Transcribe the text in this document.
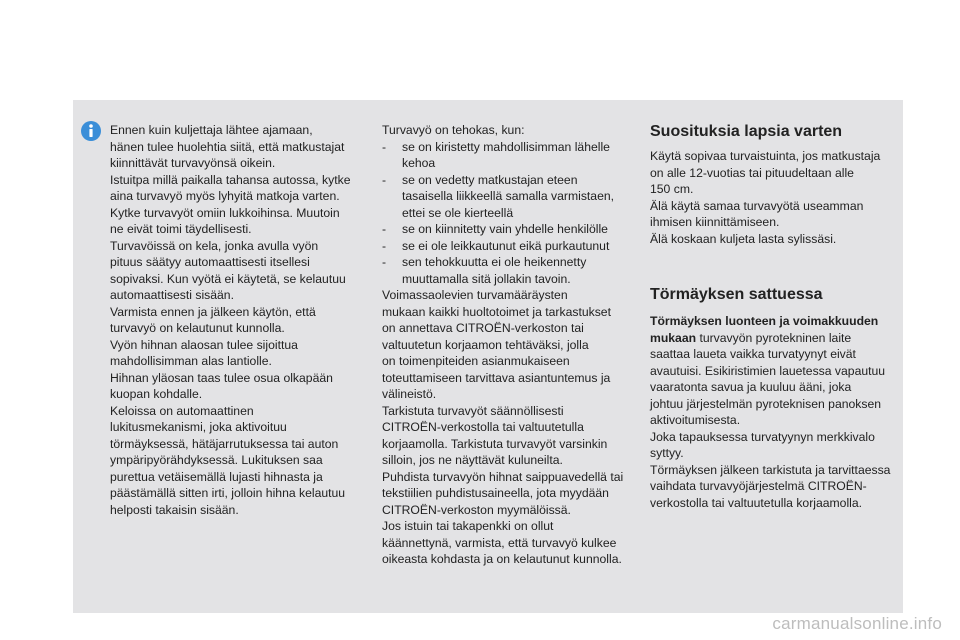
Ennen kuin kuljettaja lähtee ajamaan,

hänen tulee huolehtia siitä, että matkustajat

kiinnittävät turvavyönsä oikein.

Istuitpa millä paikalla tahansa autossa, kytke

aina turvavyö myös lyhyitä matkoja varten.

Kytke turvavyöt omiin lukkoihinsa. Muutoin

ne eivät toimi täydellisesti.

Turvavöissä on kela, jonka avulla vyön

pituus säätyy automaattisesti itsellesi

sopivaksi. Kun vyötä ei käytetä, se kelautuu

automaattisesti sisään.

Varmista ennen ja jälkeen käytön, että

turvavyö on kelautunut kunnolla.

Vyön hihnan alaosan tulee sijoittua

mahdollisimman alas lantiolle.

Hihnan yläosan taas tulee osua olkapään

kuopan kohdalle.

Keloissa on automaattinen

lukitusmekanismi, joka aktivoituu

törmäyksessä, hätäjarrutuksessa tai auton

ympäripyörähdyksessä. Lukituksen saa

purettua vetäisemällä lujasti hihnasta ja

päästämällä sitten irti, jolloin hihna kelautuu

helposti takaisin sisään.

Turvavyö on tehokas, kun:

- se on kiristetty mahdollisimman lähelle

kehoa

- se on vedetty matkustajan eteen

tasaisella liikkeellä samalla varmistaen,

ettei se ole kierteellä

- se on kiinnitetty vain yhdelle henkilölle

- se ei ole leikkautunut eikä purkautunut

- sen tehokkuutta ei ole heikennetty

muuttamalla sitä jollakin tavoin.

Voimassaolevien turvamääräysten

mukaan kaikki huoltotoimet ja tarkastukset

on annettava CITROËN-verkoston tai

valtuutetun korjaamon tehtäväksi, jolla

on toimenpiteiden asianmukaiseen

toteuttamiseen tarvittava asiantuntemus ja

välineistö.

Tarkistuta turvavyöt säännöllisesti

CITROËN-verkostolla tai valtuutetulla

korjaamolla. Tarkistuta turvavyöt varsinkin

silloin, jos ne näyttävät kuluneilta.

Puhdista turvavyön hihnat saippuavedellä tai

tekstiilien puhdistusaineella, jota myydään

CITROËN-verkoston myymälöissä.

Jos istuin tai takapenkki on ollut

käännettynä, varmista, että turvavyö kulkee

oikeasta kohdasta ja on kelautunut kunnolla.

Suosituksia lapsia varten

Käytä sopivaa turvaistuinta, jos matkustaja

on alle 12-vuotias tai pituudeltaan alle

150 cm.

Älä käytä samaa turvavyötä useamman

ihmisen kiinnittämiseen.

Älä koskaan kuljeta lasta sylissäsi.

Törmäyksen sattuessa

Törmäyksen luonteen ja voimakkuuden

mukaan turvavyön pyrotekninen laite

saattaa laueta vaikka turvatyynyt eivät

avautuisi. Esikiristimien lauetessa vapautuu

vaaratonta savua ja kuuluu ääni, joka

johtuu järjestelmän pyroteknisen panoksen

aktivoitumisesta.

Joka tapauksessa turvatyynyn merkkivalo

syttyy.

Törmäyksen jälkeen tarkistuta ja tarvittaessa

vaihdata turvavyöjärjestelmä CITROËN-

verkostolla tai valtuutetulla korjaamolla.

carmanualsonline.info
